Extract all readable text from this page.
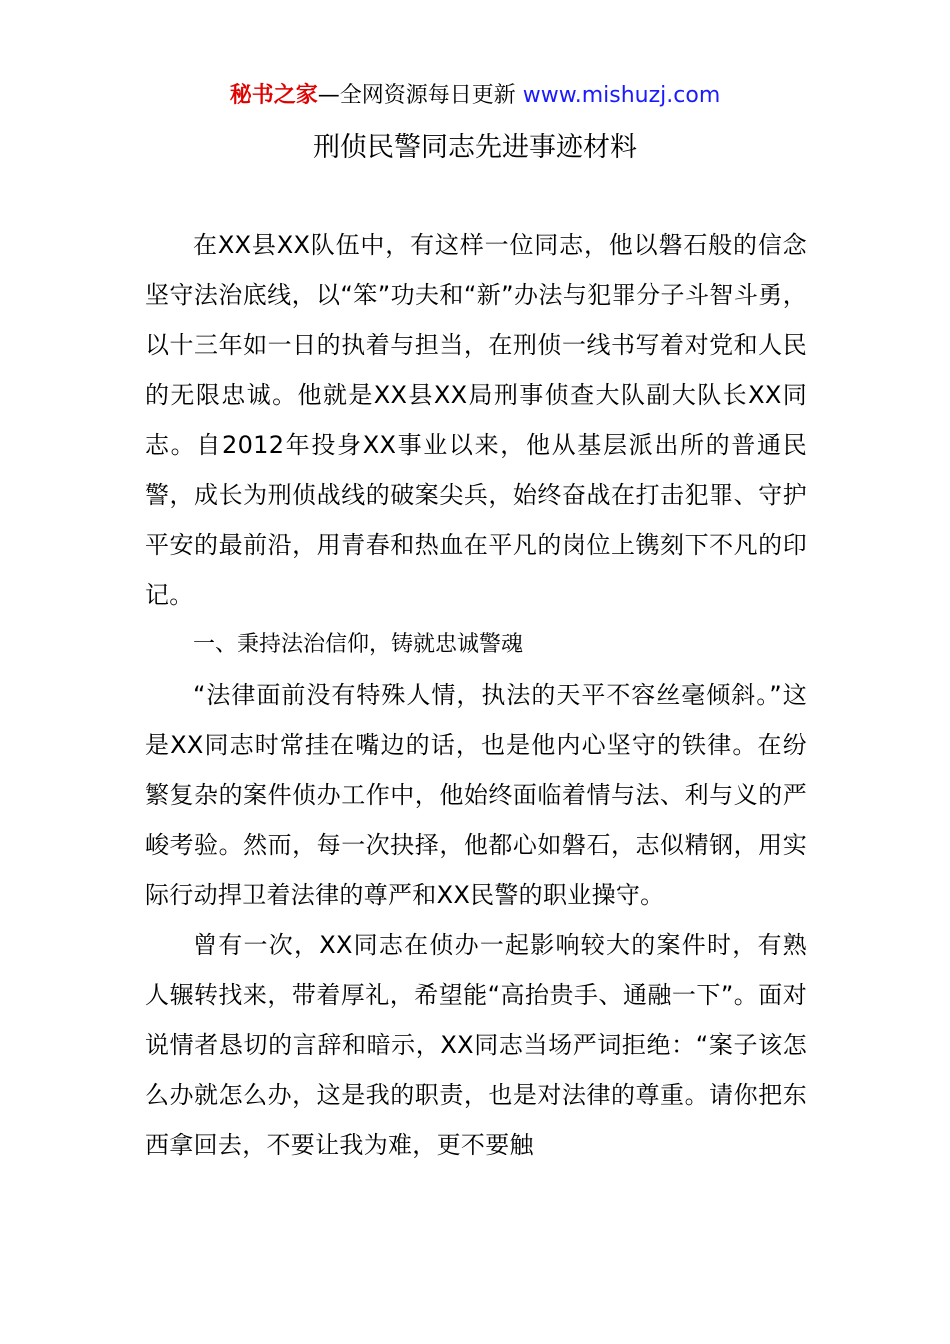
秘书之家—全网资源每日更新 www.mishuzj.com
刑侦民警同志先进事迹材料

在XX县XX队伍中，有这样一位同志，他以磐石般的信念坚守法治底线，以“笨”功夫和“新”办法与犯罪分子斗智斗勇，以十三年如一日的执着与担当，在刑侦一线书写着对党和人民的无限忠诚。他就是XX县XX局刑事侦查大队副大队长XX同志。自2012年投身XX事业以来，他从基层派出所的普通民警，成长为刑侦战线的破案尖兵，始终奋战在打击犯罪、守护平安的最前沿，用青春和热血在平凡的岗位上镌刻下不凡的印记。

一、秉持法治信仰，铸就忠诚警魂

“法律面前没有特殊人情，执法的天平不容丝毫倾斜。”这是XX同志时常挂在嘴边的话，也是他内心坚守的铁律。在纷繁复杂的案件侦办工作中，他始终面临着情与法、利与义的严峻考验。然而，每一次抉择，他都心如磐石，志似精钢，用实际行动捍卫着法律的尊严和XX民警的职业操守。

曾有一次，XX同志在侦办一起影响较大的案件时，有熟人辗转找来，带着厚礼，希望能“高抬贵手、通融一下”。面对说情者恳切的言辞和暗示，XX同志当场严词拒绝：“案子该怎么办就怎么办，这是我的职责，也是对法律的尊重。请你把东西拿回去，不要让我为难，更不要触
